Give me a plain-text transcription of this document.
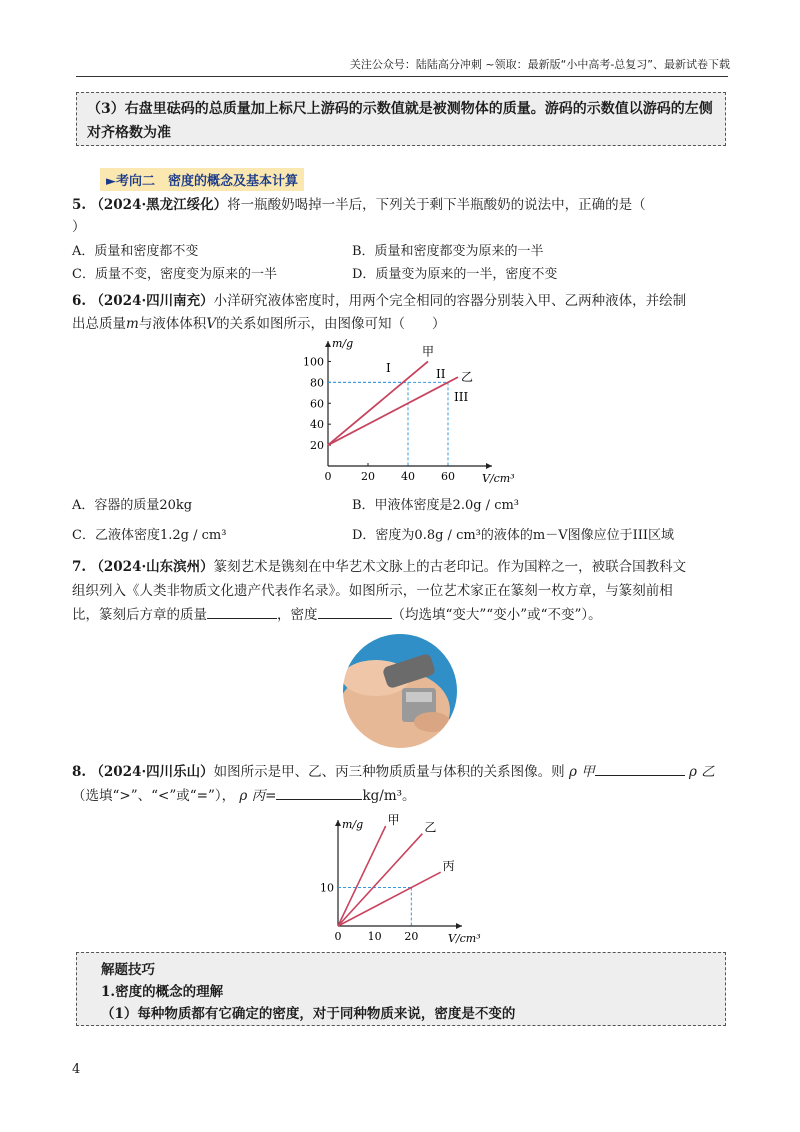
关注公众号：陆陆高分冲刺 ~领取：最新版“小中高考-总复习”、最新试卷下载

（3）右盘里砝码的总质量加上标尺上游码的示数值就是被测物体的质量。游码的示数值以游码的左侧对齐格数为准

►考向二　密度的概念及基本计算
5. （2024·黑龙江绥化）将一瓶酸奶喝掉一半后，下列关于剩下半瓶酸奶的说法中，正确的是（
）
A．质量和密度都不变	B．质量和密度都变为原来的一半
C．质量不变，密度变为原来的一半	D．质量变为原来的一半，密度不变
6. （2024·四川南充）小洋研究液体密度时，用两个完全相同的容器分别装入甲、乙两种液体，并绘制
出总质量m与液体体积V的关系如图所示，由图像可知（　　）
0	20 40 60
20
40
60
80
100
m/g
V/cm³
甲
乙
I	II
III
A．容器的质量20kg	B．甲液体密度是2.0g / cm³
C．乙液体密度1.2g / cm³	D．密度为0.8g / cm³的液体的m－V图像应位于III区域
7. （2024·山东滨州）篆刻艺术是镌刻在中华艺术文脉上的古老印记。作为国粹之一，被联合国教科文
组织列入《人类非物质文化遗产代表作名录》。如图所示，一位艺术家正在篆刻一枚方章，与篆刻前相
比，篆刻后方章的质量	，密度	（均选填“变大”“变小”或“不变”）。
8. （2024·四川乐山）如图所示是甲、乙、丙三种物质质量与体积的关系图像。则 ρ 甲	ρ 乙
（选填“>”、“<”或“=”）， ρ 丙=	kg/m³。
0 10 20
10
m/g
V/cm³
甲
乙
丙

解题技巧

1.密度的概念的理解

（1）每种物质都有它确定的密度，对于同种物质来说，密度是不变的

4
